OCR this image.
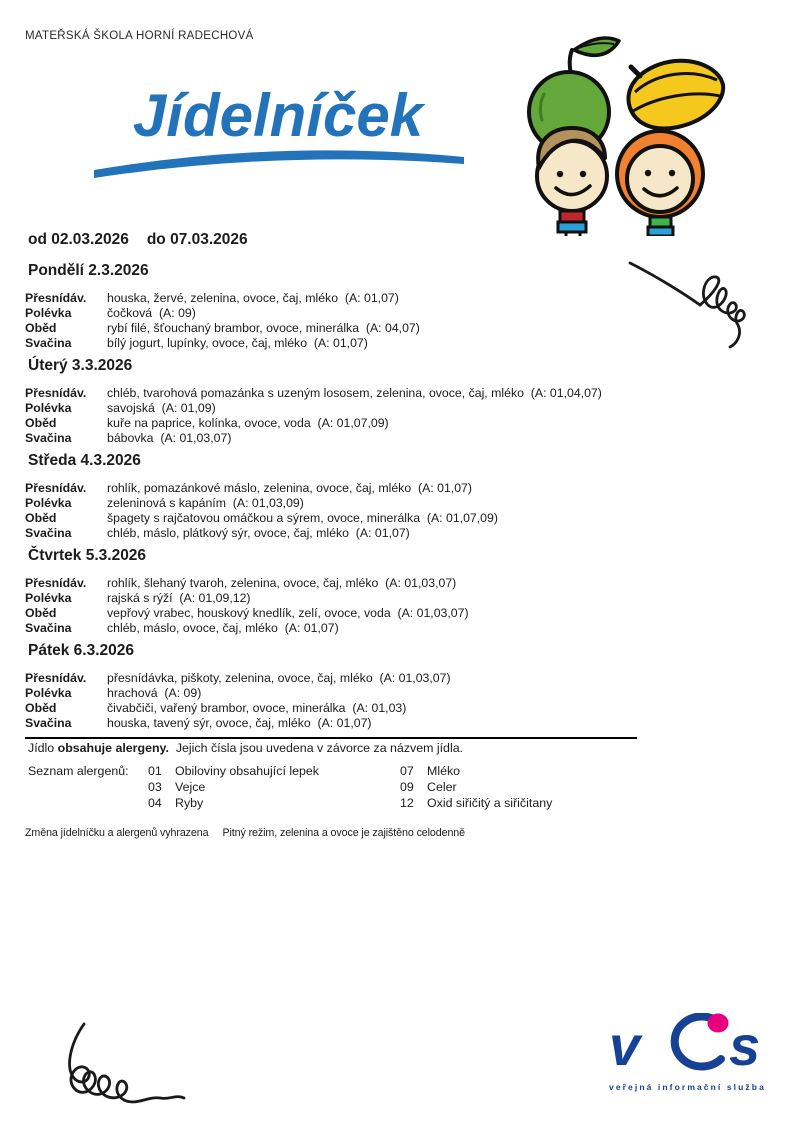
MATEŘSKÁ ŠKOLA HORNÍ RADECHOVÁ
Jídelníček
od 02.03.2026 do 07.03.2026
Pondělí 2.3.2026
Přesnídáv.	houska, žervé, zelenina, ovoce, čaj, mléko  (A: 01,07)
Polévka	čočková  (A: 09)
Oběd	rybí filé, šťouchaný brambor, ovoce, minerálka  (A: 04,07)
Svačina	bílý jogurt, lupínky, ovoce, čaj, mléko  (A: 01,07)
Úterý 3.3.2026
Přesnídáv.	chléb, tvarohová pomazánka s uzeným lososem, zelenina, ovoce, čaj, mléko  (A: 01,04,07)
Polévka	savojská  (A: 01,09)
Oběd	kuře na paprice, kolínka, ovoce, voda  (A: 01,07,09)
Svačina	bábovka  (A: 01,03,07)
Středa 4.3.2026
Přesnídáv.	rohlík, pomazánkové máslo, zelenina, ovoce, čaj, mléko  (A: 01,07)
Polévka	zeleninová s kapáním  (A: 01,03,09)
Oběd	špagety s rajčatovou omáčkou a sýrem, ovoce, minerálka  (A: 01,07,09)
Svačina	chléb, máslo, plátkový sýr, ovoce, čaj, mléko  (A: 01,07)
Čtvrtek 5.3.2026
Přesnídáv.	rohlík, šlehaný tvaroh, zelenina, ovoce, čaj, mléko  (A: 01,03,07)
Polévka	rajská s rýží  (A: 01,09,12)
Oběd	vepřový vrabec, houskový knedlík, zelí, ovoce, voda  (A: 01,03,07)
Svačina	chléb, máslo, ovoce, čaj, mléko  (A: 01,07)
Pátek 6.3.2026
Přesnídáv.	přesnídávka, piškoty, zelenina, ovoce, čaj, mléko  (A: 01,03,07)
Polévka	hrachová  (A: 09)
Oběd	čivabčiči, vařený brambor, ovoce, minerálka  (A: 01,03)
Svačina	houska, tavený sýr, ovoce, čaj, mléko  (A: 01,07)
Jídlo obsahuje alergeny.  Jejich čísla jsou uvedena v závorce za názvem jídla.
Seznam alergenů:	01	Obiloviny obsahující lepek	07	Mléko
03	Vejce	09	Celer
04	Ryby	12	Oxid siřičitý a siřičitany
Změna jídelníčku a alergenů vyhrazena Pitný režim, zelenina a ovoce je zajištěno celodenně
v s
veřejná informační služba
